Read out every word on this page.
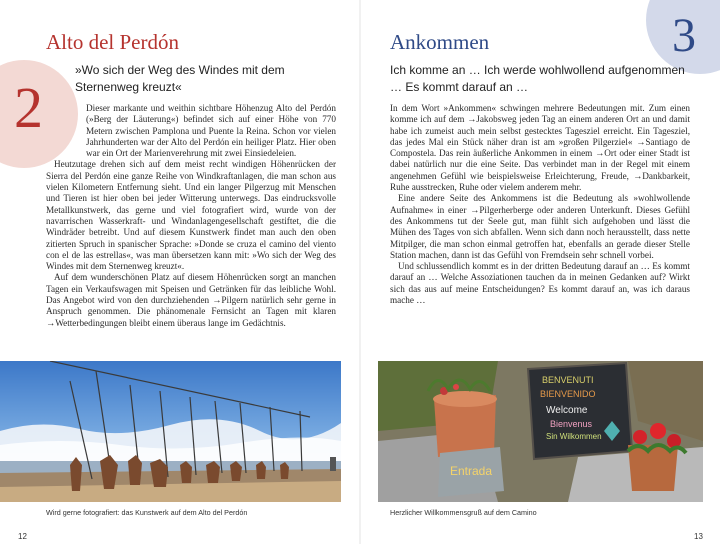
2
Alto del Perdón
»Wo sich der Weg des Windes mit dem Sternenweg kreuzt«

Dieser markante und weithin sichtbare Höhenzug Alto del Perdón (»Berg der Läuterung«) befindet sich auf einer Höhe von 770 Metern zwischen Pamplona und Puente la Reina. Schon vor vielen Jahrhunderten war der Alto del Perdón ein heiliger Platz. Hier oben war ein Ort der Marienverehrung mit zwei Einsiedeleien.

Heutzutage drehen sich auf dem meist recht windigen Höhenrücken der Sierra del Perdón eine ganze Reihe von Windkraftanlagen, die man schon aus vielen Kilometern Entfernung sieht. Und ein langer Pilgerzug mit Menschen und Tieren ist hier oben bei jeder Witterung unterwegs. Das eindrucksvolle Metallkunstwerk, das gerne und viel fotografiert wird, wurde von der navarrischen Wasserkraft- und Windanlagengesellschaft gestiftet, die die Windräder betreibt. Und auf diesem Kunstwerk findet man auch den oben zitierten Spruch in spanischer Sprache: »Donde se cruza el camino del viento con el de las estrellas«, was man übersetzen kann mit: »Wo sich der Weg des Windes mit dem Sternenweg kreuzt«.

Auf dem wunderschönen Platz auf diesem Höhenrücken sorgt an manchen Tagen ein Verkaufswagen mit Speisen und Getränken für das leibliche Wohl. Das Angebot wird von den durchziehenden →Pilgern natürlich sehr gerne in Anspruch genommen. Die phänomenale Fernsicht an Tagen mit klaren →Wetterbedingungen bleibt einem überaus lange im Gedächtnis.

Wird gerne fotografiert: das Kunstwerk auf dem Alto del Perdón
12
3
Ankommen
Ich komme an … Ich werde wohlwollend aufgenommen … Es kommt darauf an …

In dem Wort »Ankommen« schwingen mehrere Bedeutungen mit. Zum einen komme ich auf dem →Jakobsweg jeden Tag an einem anderen Ort an und damit habe ich zumeist auch mein selbst gestecktes Tagesziel erreicht. Ein Tagesziel, das jedes Mal ein Stück näher dran ist am »großen Pilgerziel« →Santiago de Compostela. Das rein äußerliche Ankommen in einem →Ort oder einer Stadt ist dabei natürlich nur die eine Seite. Das verbindet man in der Regel mit einem angenehmen Gefühl wie beispielsweise Erleichterung, Freude, →Dankbarkeit, Ruhe ausstrecken, Ruhe oder vielem anderem mehr.

Eine andere Seite des Ankommens ist die Bedeutung als »wohlwollende Aufnahme« in einer →Pilgerherberge oder anderen Unterkunft. Dieses Gefühl des Ankommens tut der Seele gut, man fühlt sich aufgehoben und lässt die Mühen des Tages von sich abfallen. Wenn sich dann noch herausstellt, dass nette Mitpilger, die man schon einmal getroffen hat, ebenfalls an gerade dieser Stelle Station machen, dann ist das Gefühl von Fremdsein sehr schnell vorbei.

Und schlussendlich kommt es in der dritten Bedeutung darauf an … Es kommt darauf an … Welche Assoziationen tauchen da in meinen Gedanken auf? Wirkt sich das aus auf meine Entscheidungen? Es kommt darauf an, was ich daraus mache …

BENVENUTI
BIENVENIDO
Welcome
Bienvenus
Sin Wilkommen
Entrada
Herzlicher Willkommensgruß auf dem Camino
13
